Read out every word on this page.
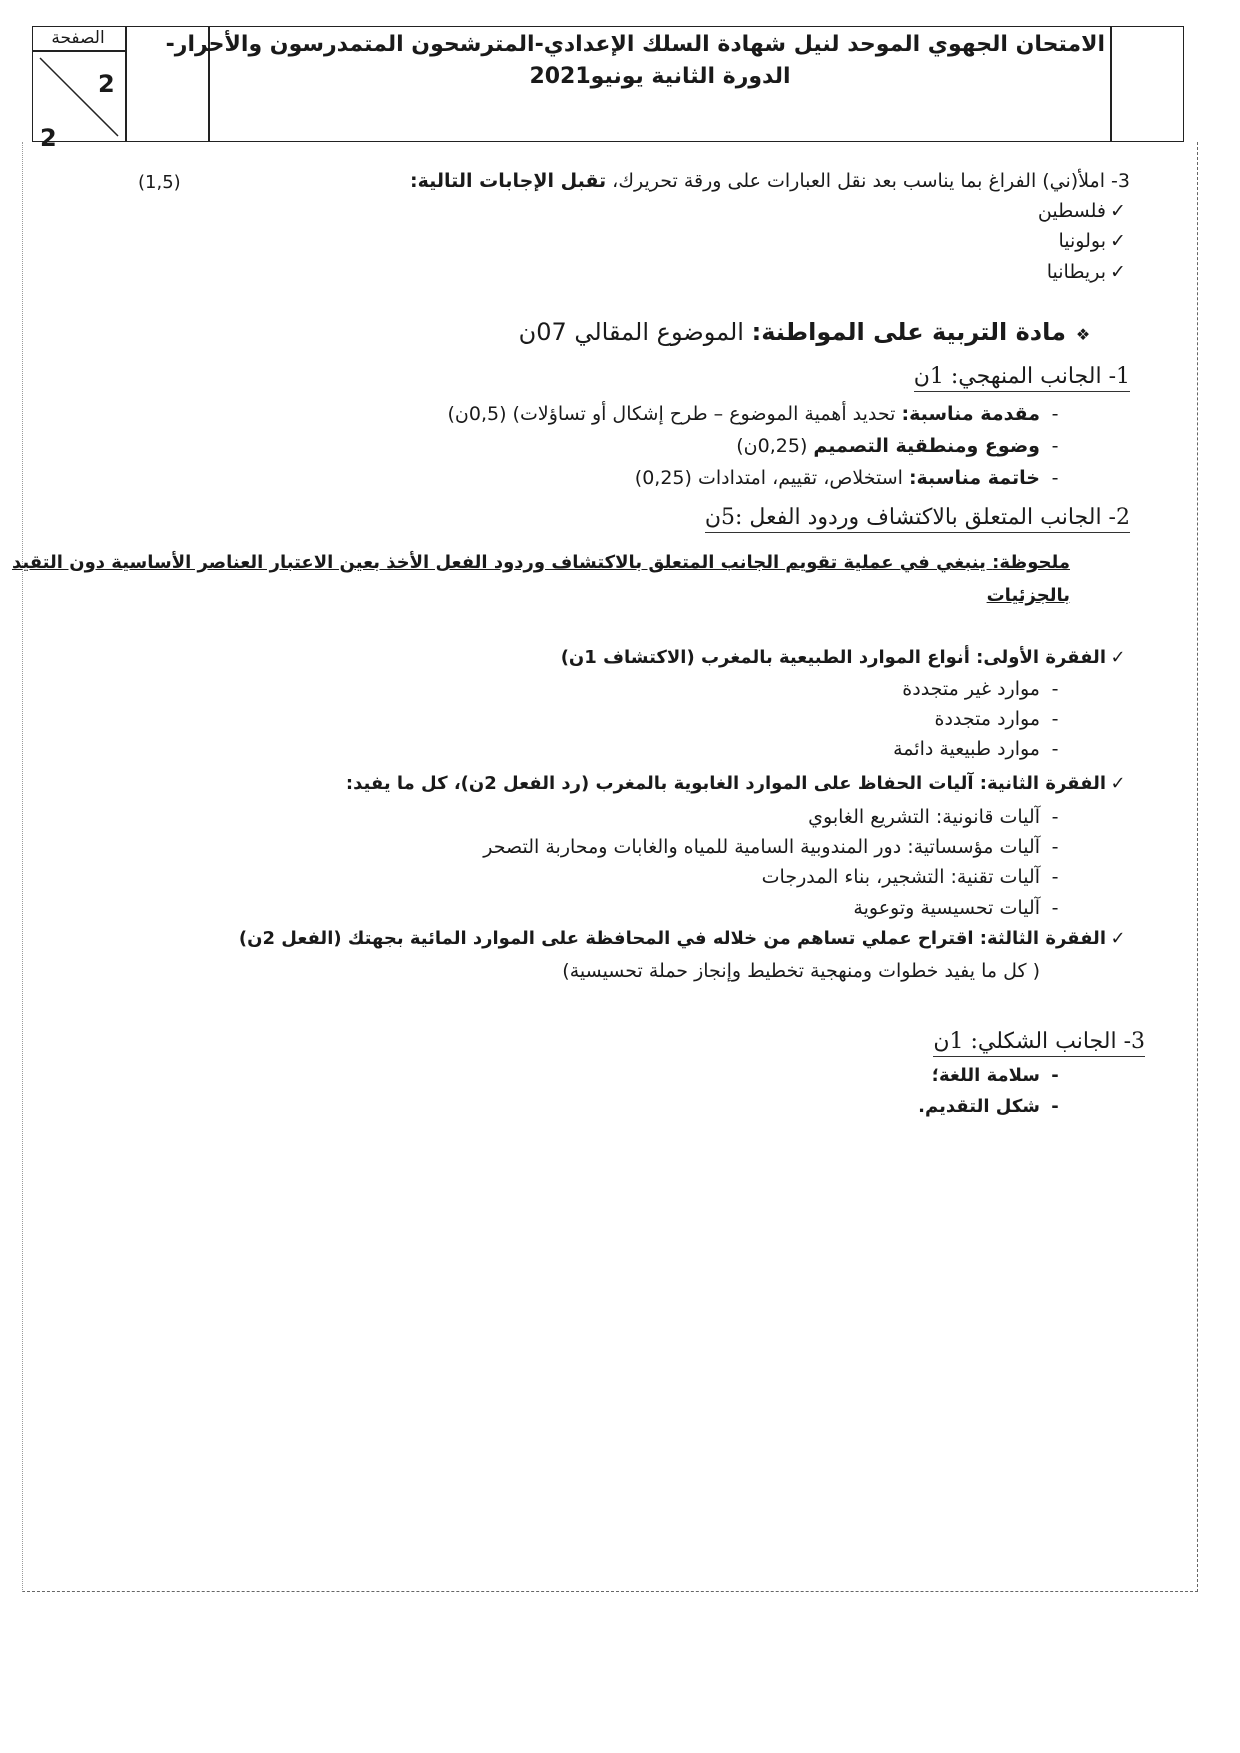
الصفحة
2
2
الامتحان الجهوي الموحد لنيل شهادة السلك الإعدادي-المترشحون المتمدرسون والأحرار-
الدورة الثانية يونيو2021
3- املأ(ني) الفراغ بما يناسب بعد نقل العبارات على ورقة تحريرك، تقبل الإجابات التالية:
(1,5)
✓فلسطين
✓بولونيا
✓بريطانيا
❖مادة التربية على المواطنة: الموضوع المقالي 07ن
1- الجانب المنهجي: 1ن
-مقدمة مناسبة: تحديد أهمية الموضوع – طرح إشكال أو تساؤلات) (0,5ن)
-وضوع ومنطقية التصميم (0,25ن)
-خاتمة مناسبة: استخلاص، تقييم، امتدادات (0,25)
2- الجانب المتعلق بالاكتشاف وردود الفعل :5ن
ملحوظة: ينبغي في عملية تقويم الجانب المتعلق بالاكتشاف وردود الفعل الأخذ بعين الاعتبار العناصر الأساسية دون التقيد
بالجزئيات
✓الفقرة الأولى: أنواع الموارد الطبيعية بالمغرب (الاكتشاف 1ن)
-موارد غير متجددة
-موارد متجددة
-موارد طبيعية دائمة
✓الفقرة الثانية: آليات الحفاظ على الموارد الغابوية بالمغرب (رد الفعل 2ن)، كل ما يفيد:
-آليات قانونية: التشريع الغابوي
-آليات مؤسساتية: دور المندوبية السامية للمياه والغابات ومحاربة التصحر
-آليات تقنية: التشجير، بناء المدرجات
-آليات تحسيسية وتوعوية
✓الفقرة الثالثة: اقتراح عملي تساهم من خلاله في المحافظة على الموارد المائية بجهتك (الفعل 2ن)
( كل ما يفيد خطوات ومنهجية تخطيط وإنجاز حملة تحسيسية)
3- الجانب الشكلي: 1ن
-سلامة اللغة؛
-شكل التقديم.
